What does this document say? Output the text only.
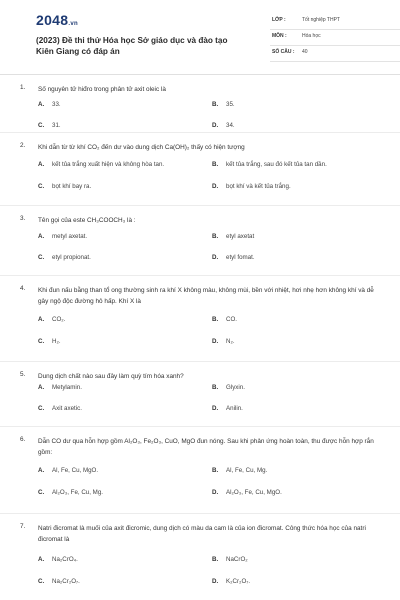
2048.vn
(2023) Đề thi thử Hóa học Sở giáo dục và đào tạo Kiên Giang có đáp án
LỚP :	Tốt nghiệp THPT
MÔN :	Hóa học
SỐ CÂU : 40
1. Số nguyên tử hiđro trong phân tử axit oleic là
A. 33.	B. 35.
C. 31.	D. 34.
2. Khi dẫn từ từ khí CO₂ đến dư vào dung dịch Ca(OH)₂ thấy có hiện tượng
A. kết tủa trắng xuất hiện và không hòa tan.	B. kết tủa trắng, sau đó kết tủa tan dần.
C. bọt khí bay ra.	D. bọt khí và kết tủa trắng.
3. Tên gọi của este CH₃COOCH₃ là :
A. metyl axetat.	B. etyl axetat
C. etyl propionat.	D. etyl fomat.
4. Khi đun nấu bằng than tổ ong thường sinh ra khí X không màu, không mùi, bền với nhiệt, hơi nhẹ hơn không khí và dễ gây ngộ độc đường hô hấp. Khí X là
A. CO₂.	B. CO.
C. H₂.	D. N₂.
5. Dung dịch chất nào sau đây làm quỳ tím hóa xanh?
A. Metylamin.	B. Glyxin.
C. Axit axetic.	D. Anilin.
6. Dẫn CO dư qua hỗn hợp gồm Al₂O₃, Fe₂O₃, CuO, MgO đun nóng. Sau khi phản ứng hoàn toàn, thu được hỗn hợp rắn gồm:
A. Al, Fe, Cu, MgO.	B. Al, Fe, Cu, Mg.
C. Al₂O₃, Fe, Cu, Mg.	D. Al₂O₃, Fe, Cu, MgO.
7. Natri đicromat là muối của axit đicromic, dung dịch có màu da cam là của ion đicromat. Công thức hóa học của natri đicromat là
A. Na₂CrO₄.	B. NaCrO₂
C. Na₂Cr₂O₇.	D. K₂Cr₂O₇.
